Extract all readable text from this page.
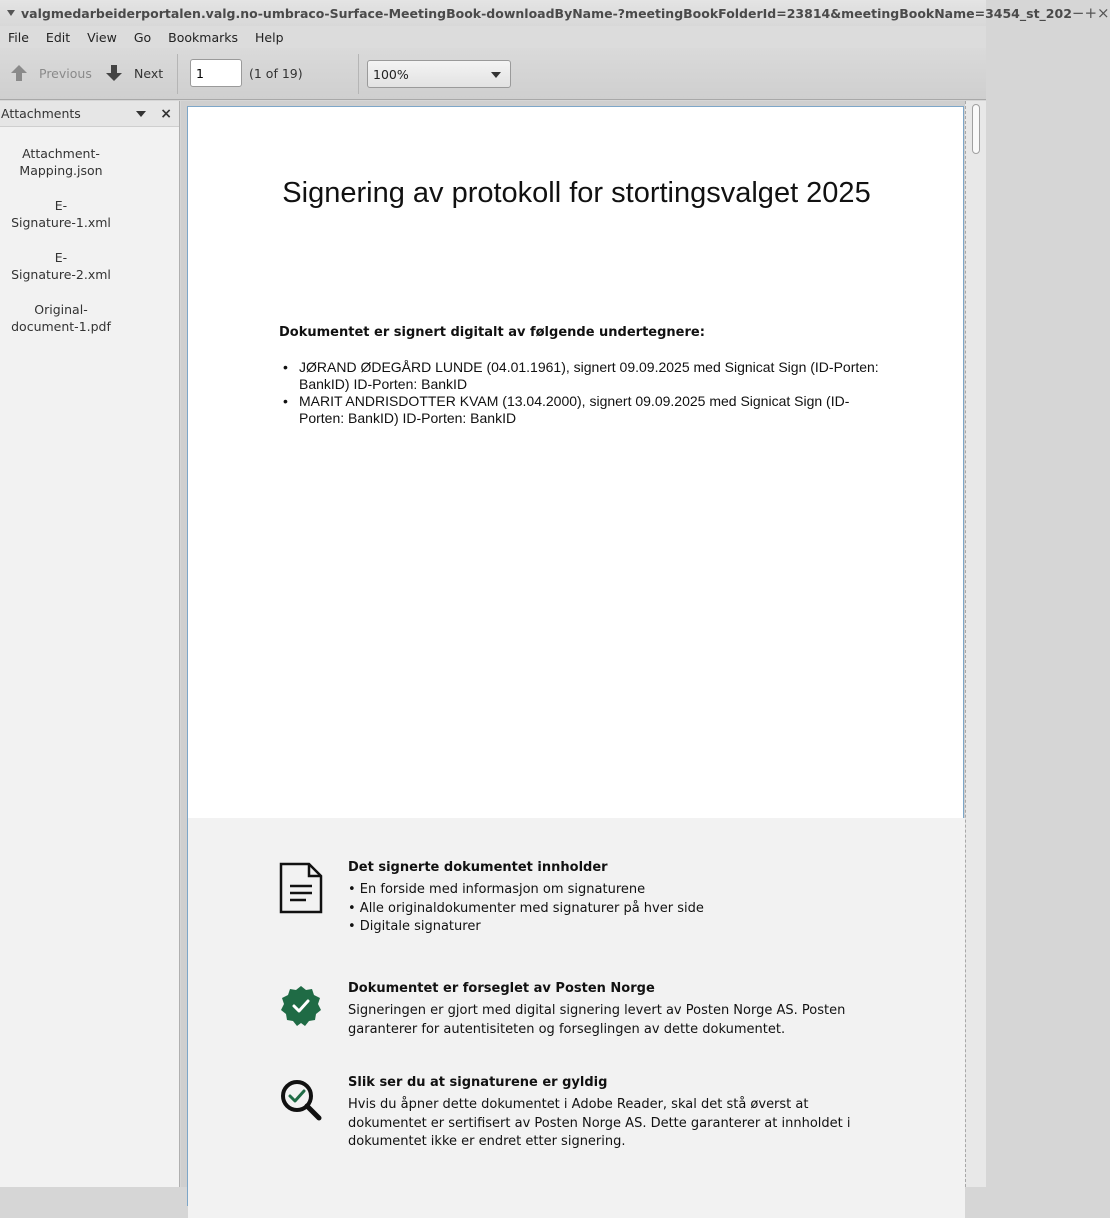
valgmedarbeiderportalen.valg.no-umbraco-Surface-MeetingBook-downloadByName-?meetingBookFolderId=23814&meetingBookName=3454_st_202 − + ×
File	Edit	View	Go	Bookmarks	Help
Previous	Next
1	(1 of 19)	100%
Attachments	×
Attachment-
Mapping.json
E-
Signature-1.xml
E-
Signature-2.xml
Original-
document-1.pdf
Signering av protokoll for stortingsvalget 2025
Dokumentet er signert digitalt av følgende undertegnere:
• JØRAND ØDEGÅRD LUNDE (04.01.1961), signert 09.09.2025 med Signicat Sign (ID-Porten: BankID) ID-Porten: BankID
• MARIT ANDRISDOTTER KVAM (13.04.2000), signert 09.09.2025 med Signicat Sign (ID-Porten: BankID) ID-Porten: BankID
Det signerte dokumentet innholder

• En forside med informasjon om signaturene

• Alle originaldokumenter med signaturer på hver side

• Digitale signaturer

Dokumentet er forseglet av Posten Norge

Signeringen er gjort med digital signering levert av Posten Norge AS. Posten

garanterer for autentisiteten og forseglingen av dette dokumentet.

Slik ser du at signaturene er gyldig

Hvis du åpner dette dokumentet i Adobe Reader, skal det stå øverst at

dokumentet er sertifisert av Posten Norge AS. Dette garanterer at innholdet i

dokumentet ikke er endret etter signering.
